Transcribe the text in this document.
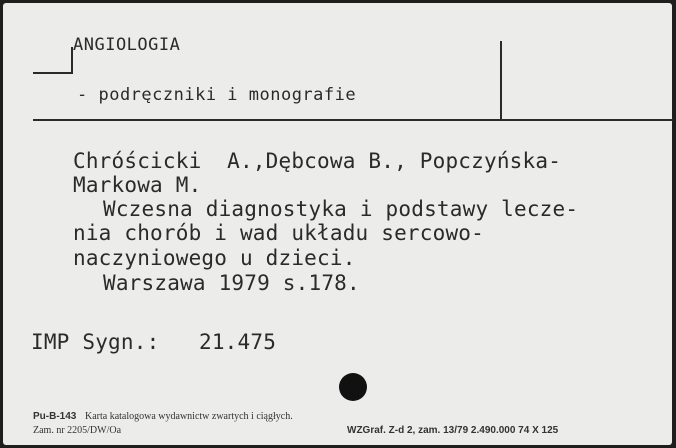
ANGIOLOGIA
- podręczniki i monografie
Chróścicki  A.,Dębcowa B., Popczyńska-
Markowa M.
Wczesna diagnostyka i podstawy lecze-
nia chorób i wad układu sercowo-
naczyniowego u dzieci.
Warszawa 1979 s.178.
IMP Sygn.: 21.475
Pu-B-143 Karta katalogowa wydawnictw zwartych i ciągłych.
Zam. nr 2205/DW/Oa	WZGraf. Z-d 2, zam. 13/79 2.490.000 74 X 125
